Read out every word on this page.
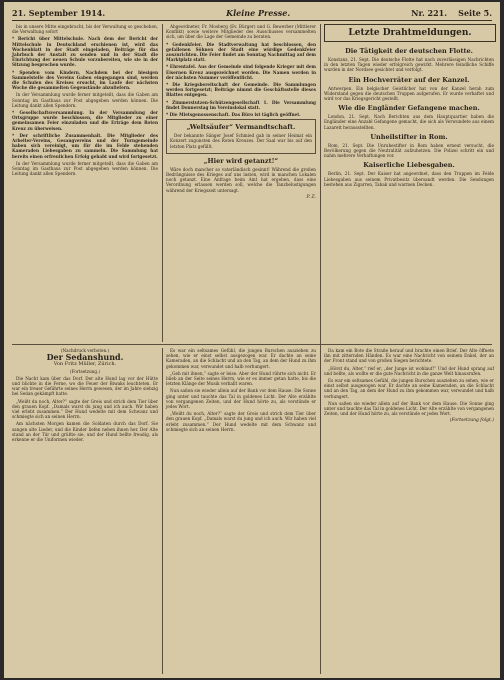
21. September 1914.	Kleine Presse.	Nr. 221. Seite 5.

bis in unsere Mitte eingebracht, bis der Verwaltung so geschehen, die Verwaltung sofort

* Bericht über Mittelschule. Nach dem der Bericht der Mittelschule in Deutschland erschienen ist, wird das Wochenblatt in der Stadt eingeladen, Beiträge für das Jahrbuch der Anstalt zu senden und in der Stadt die Einrichtung der neuen Schule vorzubereiten, wie sie in der Sitzung besprochen wurde.

* Spenden vom Kindern. Nachdem bei der hiesigen Sammelstelle des Vereins Gaben eingegangen sind, werden die Schulen des Kreises ersucht, im Laufe der nächsten Woche die gesammelten Gegenstände abzuliefern.

In der Versammlung wurde ferner mitgeteilt, dass die Gaben am Sonntag im Gasthaus zur Post abgegeben werden können. Die Leitung dankt allen Spendern.

* Gesellschaftsversammlung. In der Versammlung der Ortsgruppe wurde beschlossen, die Mitglieder zu einer gemeinsamen Feier einzuladen und die Erträge dem Roten Kreuz zu überweisen.

* Der schriftliche Zusammenhalt. Die Mitglieder des Arbeiter-Vereins, Gesangvereins und der Turngemeinde haben sich vereinigt, um für die im Felde stehenden Kameraden Liebesgaben zu sammeln. Die Sammlung hat bereits einen erfreulichen Erfolg gehabt und wird fortgesetzt.

In der Versammlung wurde ferner mitgeteilt, dass die Gaben am Sonntag im Gasthaus zur Post abgegeben werden können. Die Leitung dankt allen Spendern.

Abgeordneter, Fr. Mosberg (Ev. Bürger) und G. Bewerber (Mittlerer Konflikt) sowie weitere Mitglieder des Ausschusses versammelten sich, um über die Lage der Gemeinde zu beraten.

* Gedenkfeier. Die Stadtverwaltung hat beschlossen, den gefallenen Söhnen der Stadt eine würdige Gedenkfeier auszurichten. Die Feier findet am Sonntag Nachmittag auf dem Marktplatz statt.

* Ehrentafel. Aus der Gemeinde sind folgende Krieger mit dem Eisernen Kreuz ausgezeichnet worden. Die Namen werden in der nächsten Nummer veröffentlicht.

* Die Kriegsbereitschaft der Gemeinde. Die Sammlungen werden fortgesetzt; Beiträge nimmt die Geschäftsstelle dieses Blattes entgegen.

* Zimmerstutzen-Schützengesellschaft 1. Die Versammlung findet Donnerstag im Vereinslokal statt.

* Die Mietsgenossenschaft. Das Büro ist täglich geöffnet.

„Weltsäufer“ Vermandtschaft.

Der bekannte Sänger Josef Schmied gab in seiner Heimat ein Konzert zugunsten des Roten Kreuzes. Der Saal war bis auf den letzten Platz gefüllt.

„Hier wird getanzt!“

Wäre doch mancher so vaterländisch gesinnt! Während die großen Bedrängnisse des Krieges auf uns lasten, wird in manchen Lokalen noch getanzt. Eine Anfrage beim Amt hat ergeben, dass eine Verordnung erlassen werden soll, welche die Tanzbelustigungen während der Kriegszeit untersagt.

P. Z.
Letzte Drahtmeldungen.
Die Tätigkeit der deutschen Flotte.

Konstanz, 21. Sept. Die deutsche Flotte hat nach zuverlässigen Nachrichten in den letzten Tagen wieder erfolgreich gewirkt. Mehrere feindliche Schiffe wurden in der Nordsee gesichtet und verfolgt.

Ein Hochverräter auf der Kanzel.

Antwerpen. Ein belgischer Geistlicher hat von der Kanzel herab zum Widerstand gegen die deutschen Truppen aufgerufen. Er wurde verhaftet und wird vor das Kriegsgericht gestellt.

Wie die Engländer Gefangene machen.

London, 21. Sept. Nach Berichten aus dem Hauptquartier haben die Engländer eine Anzahl Gefangene gemacht, die sich als Verwundete aus einem Lazarett herausstellten.

Unheilstifter in Rom.

Rom, 21. Sept. Die Unruhestifter in Rom haben erneut versucht, die Bevölkerung gegen die Neutralität aufzuhetzen. Die Polizei schritt ein und nahm mehrere Verhaftungen vor.

Kaiserliche Liebesgaben.

Berlin, 21. Sept. Der Kaiser hat angeordnet, dass den Truppen im Felde Liebesgaben aus seinem Privatbesitz übersandt werden. Die Sendungen bestehen aus Zigarren, Tabak und warmen Decken.

(Nachdruck verboten.)
Der Sedanshund.
Von Fritz Müller, Zürich.
(Fortsetzung.)

Die Nacht kam über das Dorf. Der alte Hund lag vor der Hütte und blickte in die Ferne, wo die Feuer der Biwaks leuchteten. Er war ein treuer Gefährte seines Herrn gewesen, der im Jahre siebzig bei Sedan gekämpft hatte.

„Weißt du noch, Alter?“ sagte der Greis und strich dem Tier über den grauen Kopf. „Damals warst du jung und ich auch. Wir haben viel erlebt zusammen.“ Der Hund wedelte mit dem Schwanz und schmiegte sich an seinen Herrn.

Am nächsten Morgen kamen die Soldaten durch das Dorf. Sie sangen alte Lieder, und die Kinder liefen neben ihnen her. Der Alte stand an der Tür und grüßte sie, und der Hund bellte freudig, als erkenne er die Uniformen wieder.

Es war ein seltsames Gefühl, die jungen Burschen ausziehen zu sehen, wie er einst selbst ausgezogen war. Er dachte an seine Kameraden, an die Schlacht und an den Tag, an dem der Hund zu ihm gekommen war, verwundet und halb verhungert.

„Geh mit ihnen,“ sagte er leise. Aber der Hund rührte sich nicht. Er blieb an der Seite seines Herrn, wie er es immer getan hatte, bis die letzten Klänge der Musik verhallt waren.

Nun saßen sie wieder allein auf der Bank vor dem Hause. Die Sonne ging unter und tauchte das Tal in goldenes Licht. Der Alte erzählte von vergangenen Zeiten, und der Hund hörte zu, als verstünde er jedes Wort.

„Weißt du noch, Alter?“ sagte der Greis und strich dem Tier über den grauen Kopf. „Damals warst du jung und ich auch. Wir haben viel erlebt zusammen.“ Der Hund wedelte mit dem Schwanz und schmiegte sich an seinen Herrn.

Da kam ein Bote die Straße herauf und brachte einen Brief. Der Alte öffnete ihn mit zitternden Händen. Es war eine Nachricht von seinem Enkel, der an der Front stand und von großen Siegen berichtete.

„Hörst du, Alter,“ rief er, „der Junge ist wohlauf!“ Und der Hund sprang auf und bellte, als wollte er die gute Nachricht in die ganze Welt hinausrufen.

Es war ein seltsames Gefühl, die jungen Burschen ausziehen zu sehen, wie er einst selbst ausgezogen war. Er dachte an seine Kameraden, an die Schlacht und an den Tag, an dem der Hund zu ihm gekommen war, verwundet und halb verhungert.

Nun saßen sie wieder allein auf der Bank vor dem Hause. Die Sonne ging unter und tauchte das Tal in goldenes Licht. Der Alte erzählte von vergangenen Zeiten, und der Hund hörte zu, als verstünde er jedes Wort.

(Fortsetzung folgt.)
